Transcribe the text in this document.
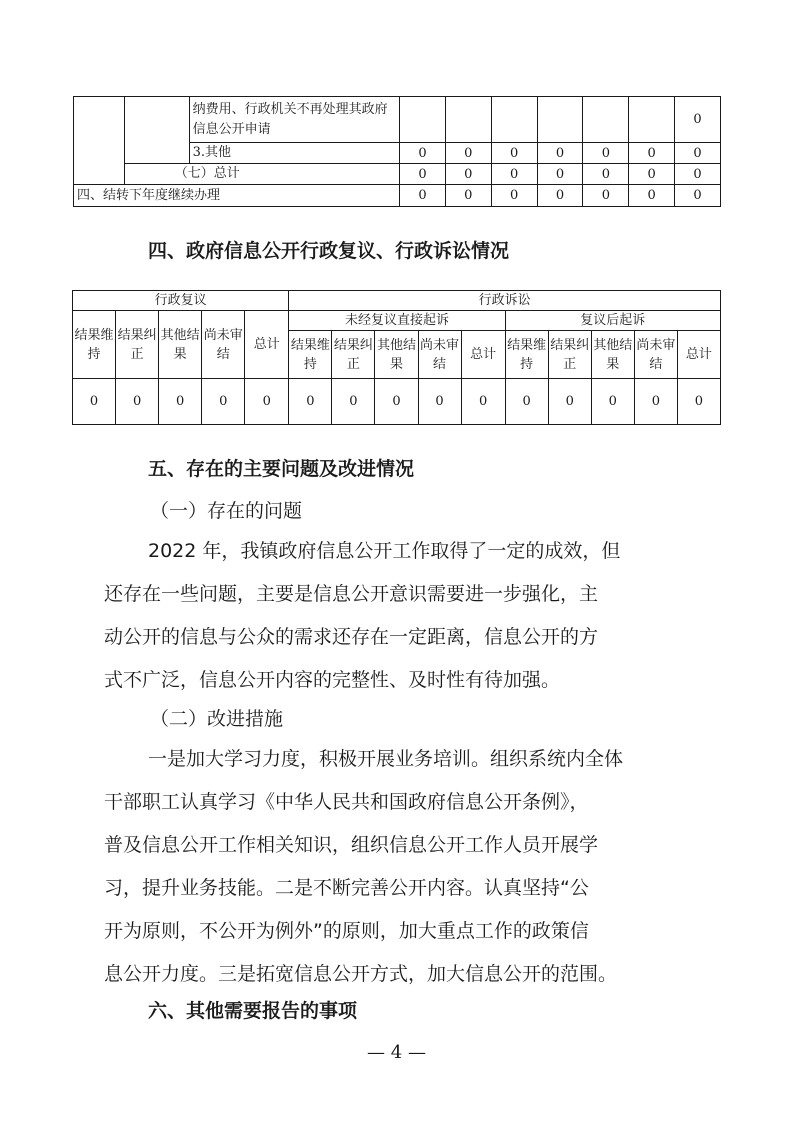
		纳费用、行政机关不再处理其政府信息公开申请							0
		3.其他	0	0	0	0	0	0	0
	（七）总计		0	0	0	0	0	0	0
四、结转下年度继续办理			0	0	0	0	0	0	0
四、政府信息公开行政复议、行政诉讼情况
行政复议					行政诉讼									
结果维持	结果纠正	其他结果	尚未审结	总计	未经复议直接起诉					复议后起诉				
					结果维持	结果纠正	其他结果	尚未审结	总计	结果维持	结果纠正	其他结果	尚未审结	总计
0	0	0	0	0	0	0	0	0	0	0	0	0	0	0
五、存在的主要问题及改进情况

（一）存在的问题

2022 年，我镇政府信息公开工作取得了一定的成效，但
还存在一些问题，主要是信息公开意识需要进一步强化，主
动公开的信息与公众的需求还存在一定距离，信息公开的方
式不广泛，信息公开内容的完整性、及时性有待加强。

（二）改进措施

一是加大学习力度，积极开展业务培训。组织系统内全体
干部职工认真学习《中华人民共和国政府信息公开条例》，
普及信息公开工作相关知识，组织信息公开工作人员开展学
习，提升业务技能。二是不断完善公开内容。认真坚持“公
开为原则，不公开为例外”的原则，加大重点工作的政策信
息公开力度。三是拓宽信息公开方式，加大信息公开的范围。

六、其他需要报告的事项
— 4 —
